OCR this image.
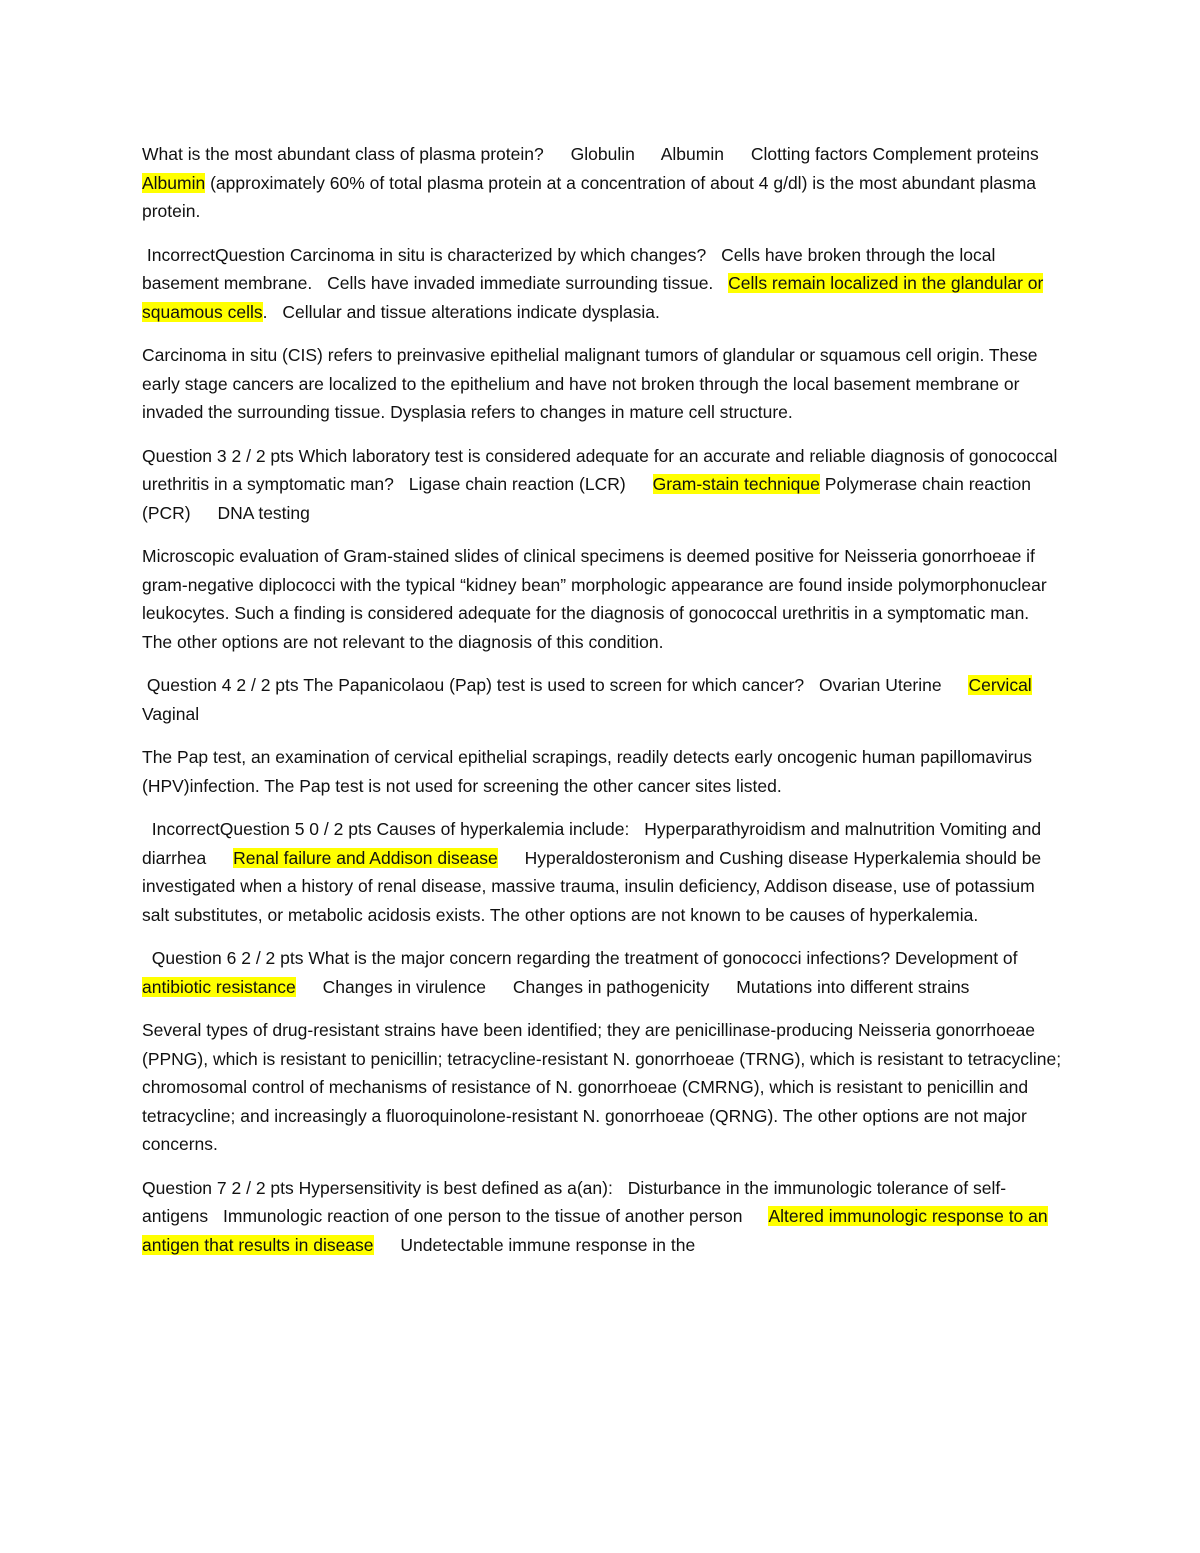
What is the most abundant class of plasma protein? Globulin Albumin Clotting factors Complement proteins Albumin (approximately 60% of total plasma protein at a concentration of about 4 g/dl) is the most abundant plasma protein.

IncorrectQuestion Carcinoma in situ is characterized by which changes? Cells have broken through the local basement membrane. Cells have invaded immediate surrounding tissue. Cells remain localized in the glandular or squamous cells. Cellular and tissue alterations indicate dysplasia.

Carcinoma in situ (CIS) refers to preinvasive epithelial malignant tumors of glandular or squamous cell origin. These early stage cancers are localized to the epithelium and have not broken through the local basement membrane or invaded the surrounding tissue. Dysplasia refers to changes in mature cell structure.

Question 3 2 / 2 pts Which laboratory test is considered adequate for an accurate and reliable diagnosis of gonococcal urethritis in a symptomatic man? Ligase chain reaction (LCR) Gram-stain technique Polymerase chain reaction (PCR) DNA testing

Microscopic evaluation of Gram-stained slides of clinical specimens is deemed positive for Neisseria gonorrhoeae if gram-negative diplococci with the typical “kidney bean” morphologic appearance are found inside polymorphonuclear leukocytes. Such a finding is considered adequate for the diagnosis of gonococcal urethritis in a symptomatic man. The other options are not relevant to the diagnosis of this condition.

Question 4 2 / 2 pts The Papanicolaou (Pap) test is used to screen for which cancer? Ovarian Uterine Cervical Vaginal

The Pap test, an examination of cervical epithelial scrapings, readily detects early oncogenic human papillomavirus (HPV)infection. The Pap test is not used for screening the other cancer sites listed.

IncorrectQuestion 5 0 / 2 pts Causes of hyperkalemia include: Hyperparathyroidism and malnutrition Vomiting and diarrhea Renal failure and Addison disease Hyperaldosteronism and Cushing disease Hyperkalemia should be investigated when a history of renal disease, massive trauma, insulin deficiency, Addison disease, use of potassium salt substitutes, or metabolic acidosis exists. The other options are not known to be causes of hyperkalemia.

Question 6 2 / 2 pts What is the major concern regarding the treatment of gonococci infections? Development of antibiotic resistance Changes in virulence Changes in pathogenicity Mutations into different strains

Several types of drug-resistant strains have been identified; they are penicillinase-producing Neisseria gonorrhoeae (PPNG), which is resistant to penicillin; tetracycline-resistant N. gonorrhoeae (TRNG), which is resistant to tetracycline; chromosomal control of mechanisms of resistance of N. gonorrhoeae (CMRNG), which is resistant to penicillin and tetracycline; and increasingly a fluoroquinolone-resistant N. gonorrhoeae (QRNG). The other options are not major concerns.

Question 7 2 / 2 pts Hypersensitivity is best defined as a(an): Disturbance in the immunologic tolerance of self-antigens Immunologic reaction of one person to the tissue of another person Altered immunologic response to an antigen that results in disease Undetectable immune response in the
